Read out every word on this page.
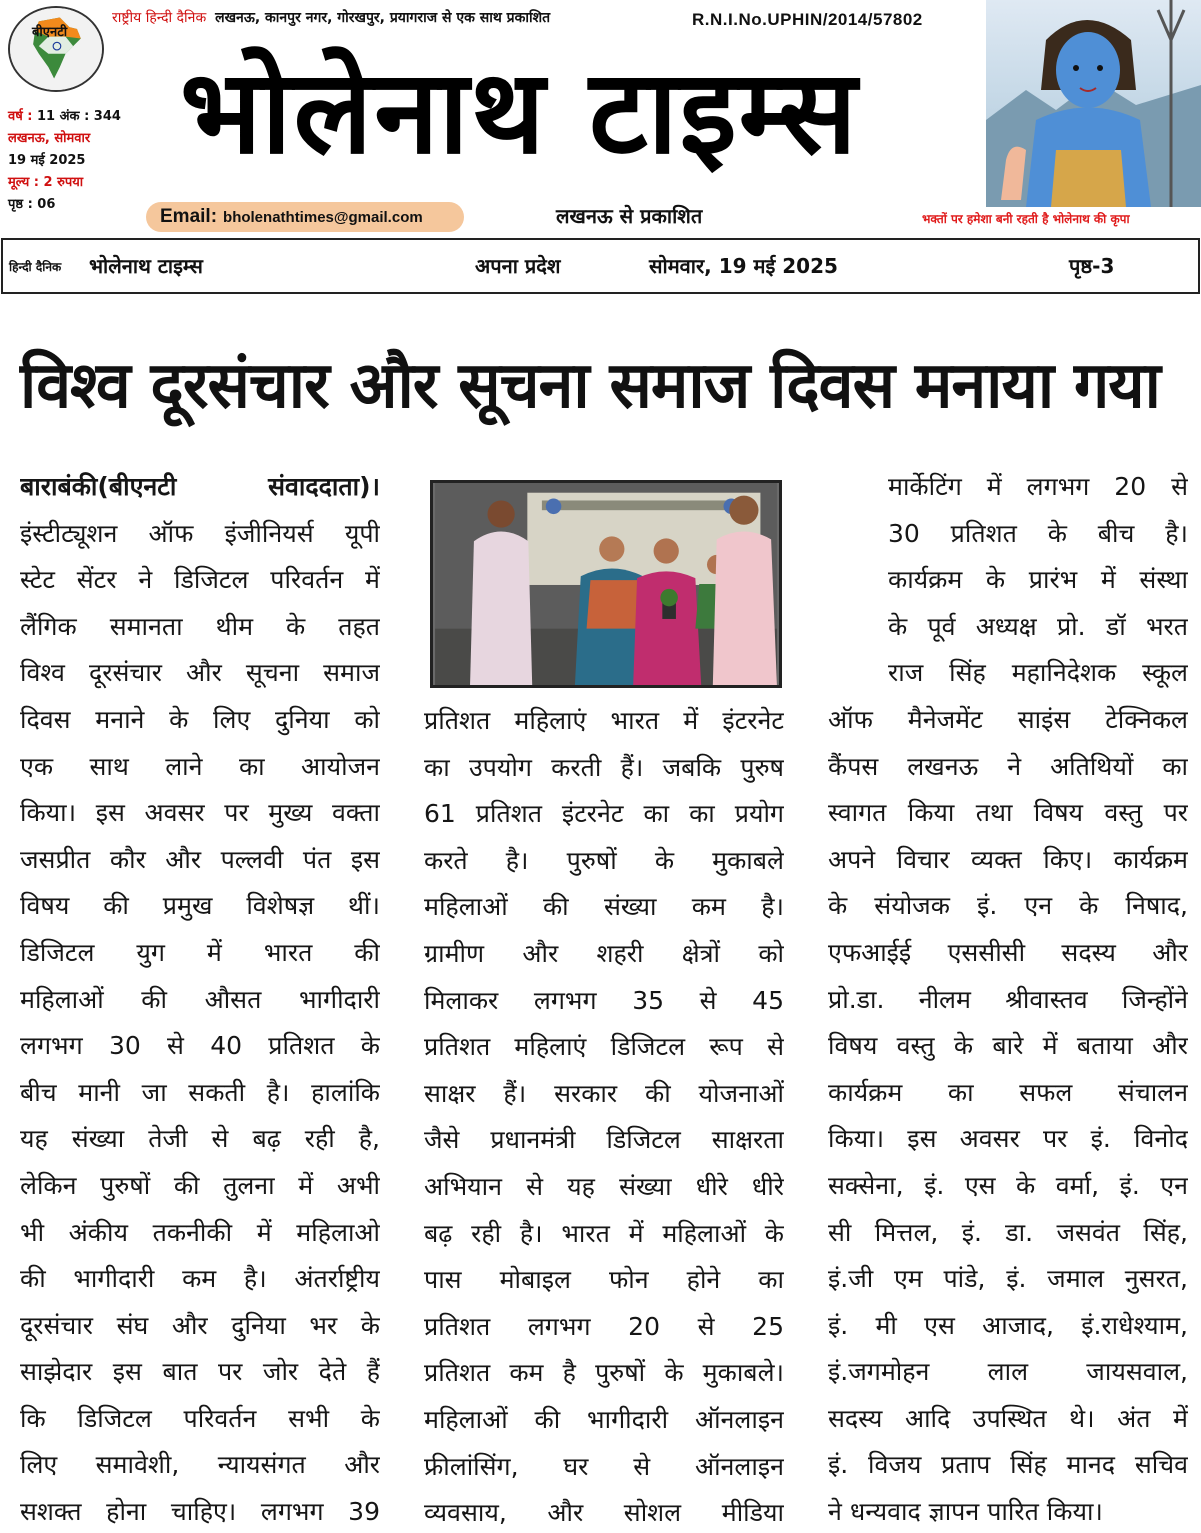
बीएनटी
वर्ष : 11 अंक : 344
लखनऊ, सोमवार
19 मई 2025
मूल्य : 2 रुपया
पृष्ठ : 06
राष्ट्रीय हिन्दी दैनिक लखनऊ, कानपुर नगर, गोरखपुर, प्रयागराज से एक साथ प्रकाशित	R.N.I.No.UPHIN/2014/57802
भोलेनाथ टाइम्स
Email: bholenathtimes@gmail.com	लखनऊ से प्रकाशित	भक्तों पर हमेशा बनी रहती है भोलेनाथ की कृपा
हिन्दी दैनिक भोलेनाथ टाइम्स	अपना प्रदेश	सोमवार, 19 मई 2025	पृष्ठ-3
विश्व दूरसंचार और सूचना समाज दिवस मनाया गया
बाराबंकी(बीएनटी संवाददाता)।
इंस्टीट्यूशन ऑफ इंजीनियर्स यूपी
स्टेट सेंटर ने डिजिटल परिवर्तन में
लैंगिक समानता थीम के तहत
विश्व दूरसंचार और सूचना समाज
दिवस मनाने के लिए दुनिया को
एक साथ लाने का आयोजन
किया। इस अवसर पर मुख्य वक्ता
जसप्रीत कौर और पल्लवी पंत इस
विषय की प्रमुख विशेषज्ञ थीं।
डिजिटल युग में भारत की
महिलाओं की औसत भागीदारी
लगभग 30 से 40 प्रतिशत के
बीच मानी जा सकती है। हालांकि
यह संख्या तेजी से बढ़ रही है,
लेकिन पुरुषों की तुलना में अभी
भी अंकीय तकनीकी में महिलाओ
की भागीदारी कम है। अंतर्राष्ट्रीय
दूरसंचार संघ और दुनिया भर के
साझेदार इस बात पर जोर देते हैं
कि डिजिटल परिवर्तन सभी के
लिए समावेशी, न्यायसंगत और
सशक्त होना चाहिए। लगभग 39
प्रतिशत महिलाएं भारत में इंटरनेट
का उपयोग करती हैं। जबकि पुरुष
61 प्रतिशत इंटरनेट का का प्रयोग
करते है। पुरुषों के मुकाबले
महिलाओं की संख्या कम है।
ग्रामीण और शहरी क्षेत्रों को
मिलाकर लगभग 35 से 45
प्रतिशत महिलाएं डिजिटल रूप से
साक्षर हैं। सरकार की योजनाओं
जैसे प्रधानमंत्री डिजिटल साक्षरता
अभियान से यह संख्या धीरे धीरे
बढ़ रही है। भारत में महिलाओं के
पास मोबाइल फोन होने का
प्रतिशत लगभग 20 से 25
प्रतिशत कम है पुरुषों के मुकाबले।
महिलाओं की भागीदारी ऑनलाइन
फ्रीलांसिंग, घर से ऑनलाइन
व्यवसाय, और सोशल मीडिया
मार्केटिंग में लगभग 20 से
30 प्रतिशत के बीच है।
कार्यक्रम के प्रारंभ में संस्था
के पूर्व अध्यक्ष प्रो. डॉ भरत
राज सिंह महानिदेशक स्कूल
ऑफ मैनेजमेंट साइंस टेक्निकल
कैंपस लखनऊ ने अतिथियों का
स्वागत किया तथा विषय वस्तु पर
अपने विचार व्यक्त किए। कार्यक्रम
के संयोजक इं. एन के निषाद,
एफआईई एससीसी सदस्य और
प्रो.डा. नीलम श्रीवास्तव जिन्होंने
विषय वस्तु के बारे में बताया और
कार्यक्रम का सफल संचालन
किया। इस अवसर पर इं. विनोद
सक्सेना, इं. एस के वर्मा, इं. एन
सी मित्तल, इं. डा. जसवंत सिंह,
इं.जी एम पांडे, इं. जमाल नुसरत,
इं. मी एस आजाद, इं.राधेश्याम,
इं.जगमोहन लाल जायसवाल,
सदस्य आदि उपस्थित थे। अंत में
इं. विजय प्रताप सिंह मानद सचिव
ने धन्यवाद ज्ञापन पारित किया।
